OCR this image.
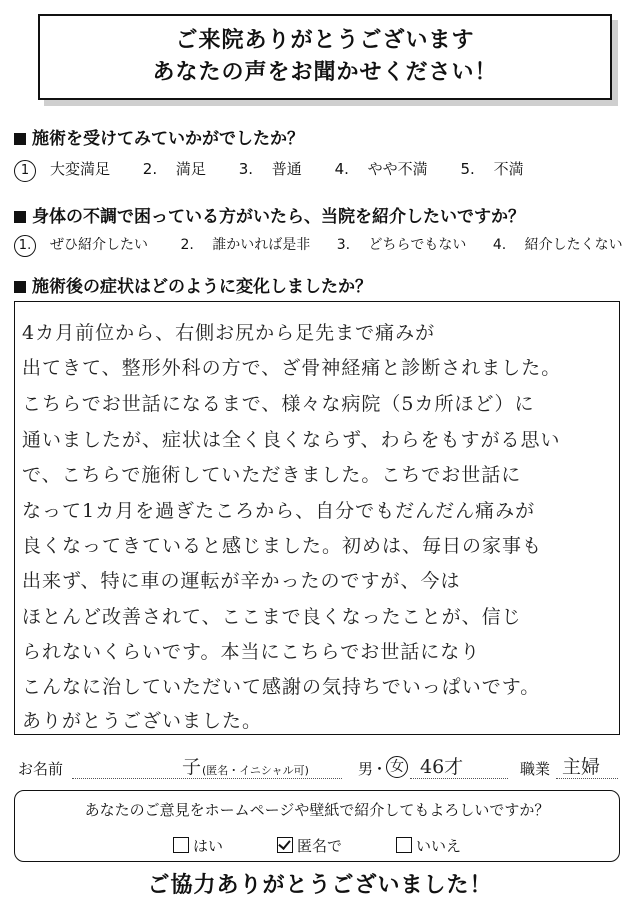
ご来院ありがとうございます
あなたの声をお聞かせください！
施術を受けてみていかがでしたか？
1 大変満足 2. 満足 3. 普通 4. やや不満 5. 不満
身体の不調で困っている方がいたら、当院を紹介したいですか？
1. ぜひ紹介したい 2. 誰かいれば是非 3. どちらでもない 4. 紹介したくない
施術後の症状はどのように変化しましたか？
4カ月前位から、右側お尻から足先まで痛みが
出てきて、整形外科の方で、ざ骨神経痛と診断されました。
こちらでお世話になるまで、様々な病院（5カ所ほど）に
通いましたが、症状は全く良くならず、わらをもすがる思い
で、こちらで施術していただきました。こちでお世話に
なって1カ月を過ぎたころから、自分でもだんだん痛みが
良くなってきていると感じました。初めは、毎日の家事も
出来ず、特に車の運転が辛かったのですが、今は
ほとんど改善されて、ここまで良くなったことが、信じ
られないくらいです。本当にこちらでお世話になり
こんなに治していただいて感謝の気持ちでいっぱいです。
ありがとうございました。
お名前	子 (匿名・イニシャル可)	男
・ 女 46才	職業 主婦
あなたのご意見をホームページや壁紙で紹介してもよろしいですか？
はい	匿名で	いいえ
ご協力ありがとうございました！
